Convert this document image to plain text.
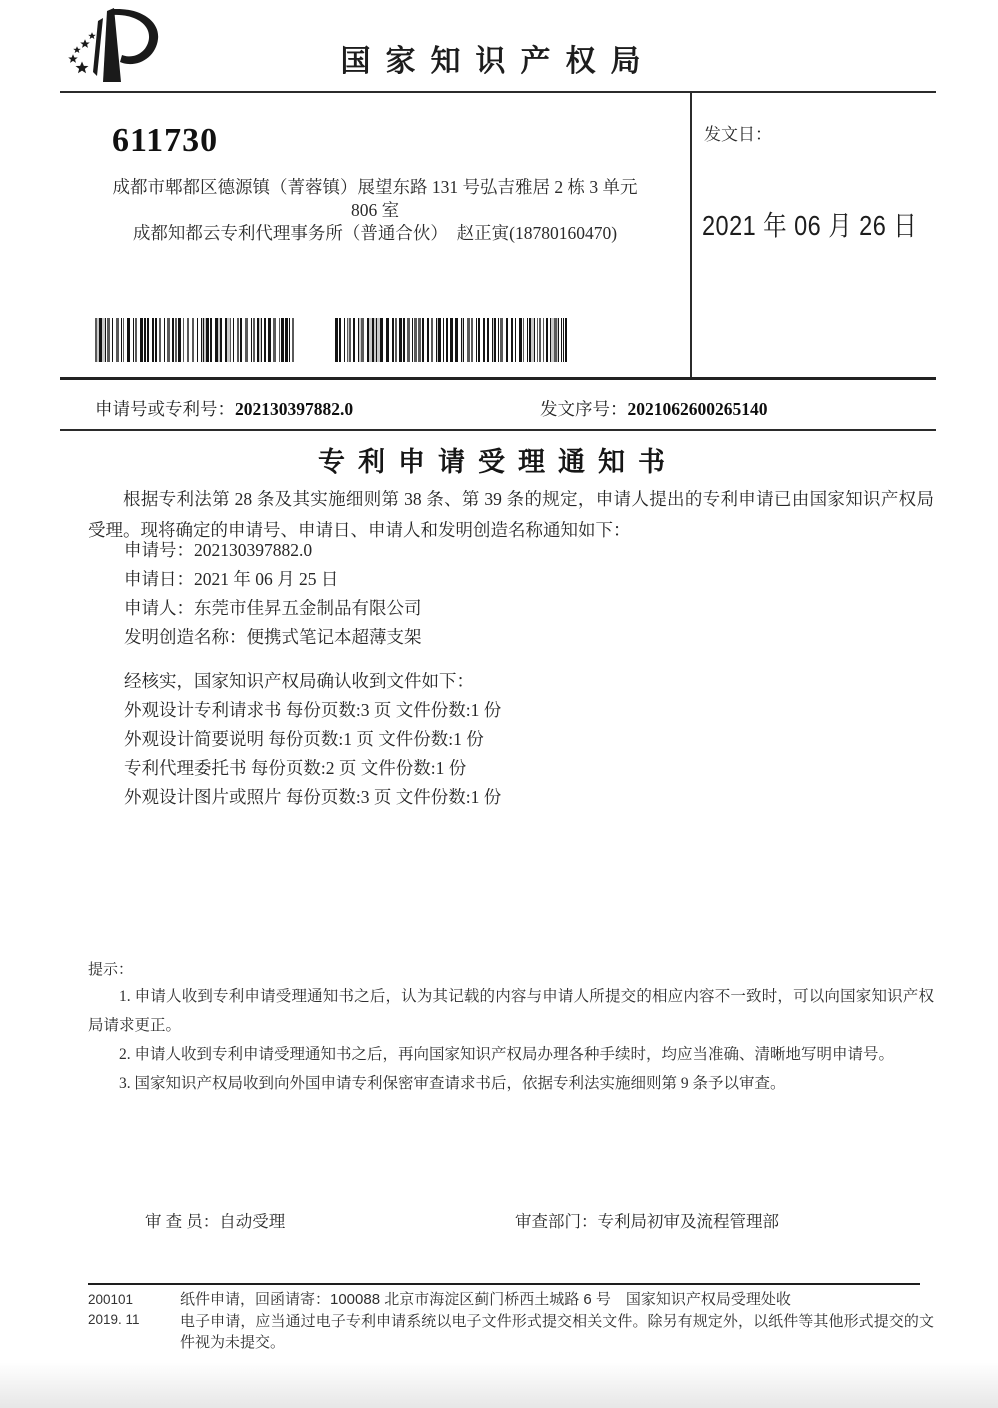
国家知识产权局
611730
成都市郫都区德源镇（菁蓉镇）展望东路 131 号弘吉雅居 2 栋 3 单元
806 室
成都知都云专利代理事务所（普通合伙）　赵正寅(18780160470)
发文日：
2021 年 06 月 26 日
申请号或专利号：202130397882.0	发文序号：2021062600265140
专利申请受理通知书
根据专利法第 28 条及其实施细则第 38 条、第 39 条的规定，申请人提出的专利申请已由国家知识产权局受理。现将确定的申请号、申请日、申请人和发明创造名称通知如下：
申请号：202130397882.0
申请日：2021 年 06 月 25 日
申请人：东莞市佳昇五金制品有限公司
发明创造名称：便携式笔记本超薄支架
经核实，国家知识产权局确认收到文件如下：
外观设计专利请求书 每份页数:3 页 文件份数:1 份
外观设计简要说明 每份页数:1 页 文件份数:1 份
专利代理委托书 每份页数:2 页 文件份数:1 份
外观设计图片或照片 每份页数:3 页 文件份数:1 份
提示：

1. 申请人收到专利申请受理通知书之后，认为其记载的内容与申请人所提交的相应内容不一致时，可以向国家知识产权局请求更正。

2. 申请人收到专利申请受理通知书之后，再向国家知识产权局办理各种手续时，均应当准确、清晰地写明申请号。

3. 国家知识产权局收到向外国申请专利保密审查请求书后，依据专利法实施细则第 9 条予以审查。

审 查 员：自动受理	审查部门：专利局初审及流程管理部
200101
2019. 11
纸件申请，回函请寄：100088 北京市海淀区蓟门桥西土城路 6 号　国家知识产权局受理处收
电子申请，应当通过电子专利申请系统以电子文件形式提交相关文件。除另有规定外，以纸件等其他形式提交的文件视为未提交。
